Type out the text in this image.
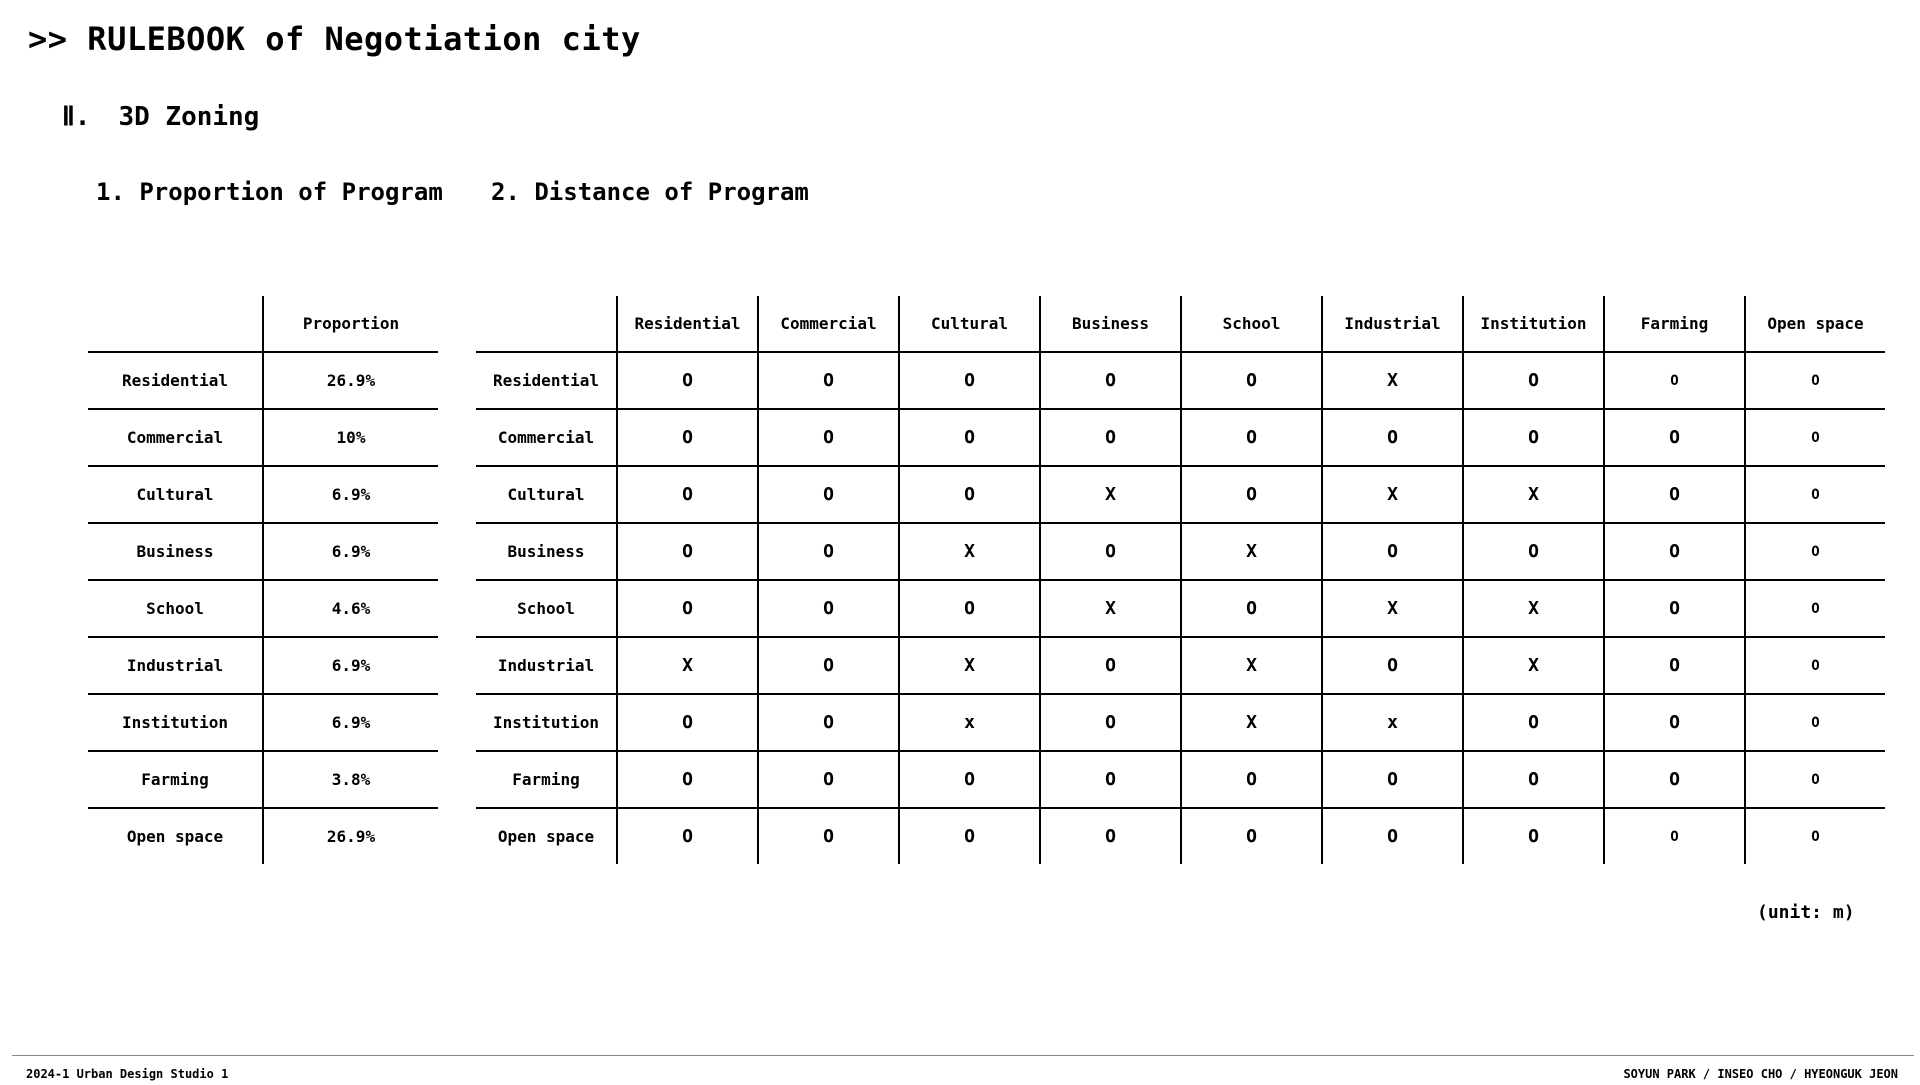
>> RULEBOOK of Negotiation city
Ⅱ. 3D Zoning
1. Proportion of Program 2. Distance of Program
	Proportion
Residential	26.9%
Commercial	10%
Cultural	6.9%
Business	6.9%
School	4.6%
Industrial	6.9%
Institution	6.9%
Farming	3.8%
Open space	26.9%
	Residential	Commercial	Cultural	Business	School	Industrial	Institution	Farming	Open space
Residential	O	O	O	O	O	X	O	O	O
Commercial	O	O	O	O	O	O	O	O	O
Cultural	O	O	O	X	O	X	X	O	O
Business	O	O	X	O	X	O	O	O	O
School	O	O	O	X	O	X	X	O	O
Industrial	X	O	X	O	X	O	X	O	O
Institution	O	O	x	O	X	x	O	O	O
Farming	O	O	O	O	O	O	O	O	O
Open space	O	O	O	O	O	O	O	O	O
(unit: m)
2024-1 Urban Design Studio 1	SOYUN PARK / INSEO CHO / HYEONGUK JEON
